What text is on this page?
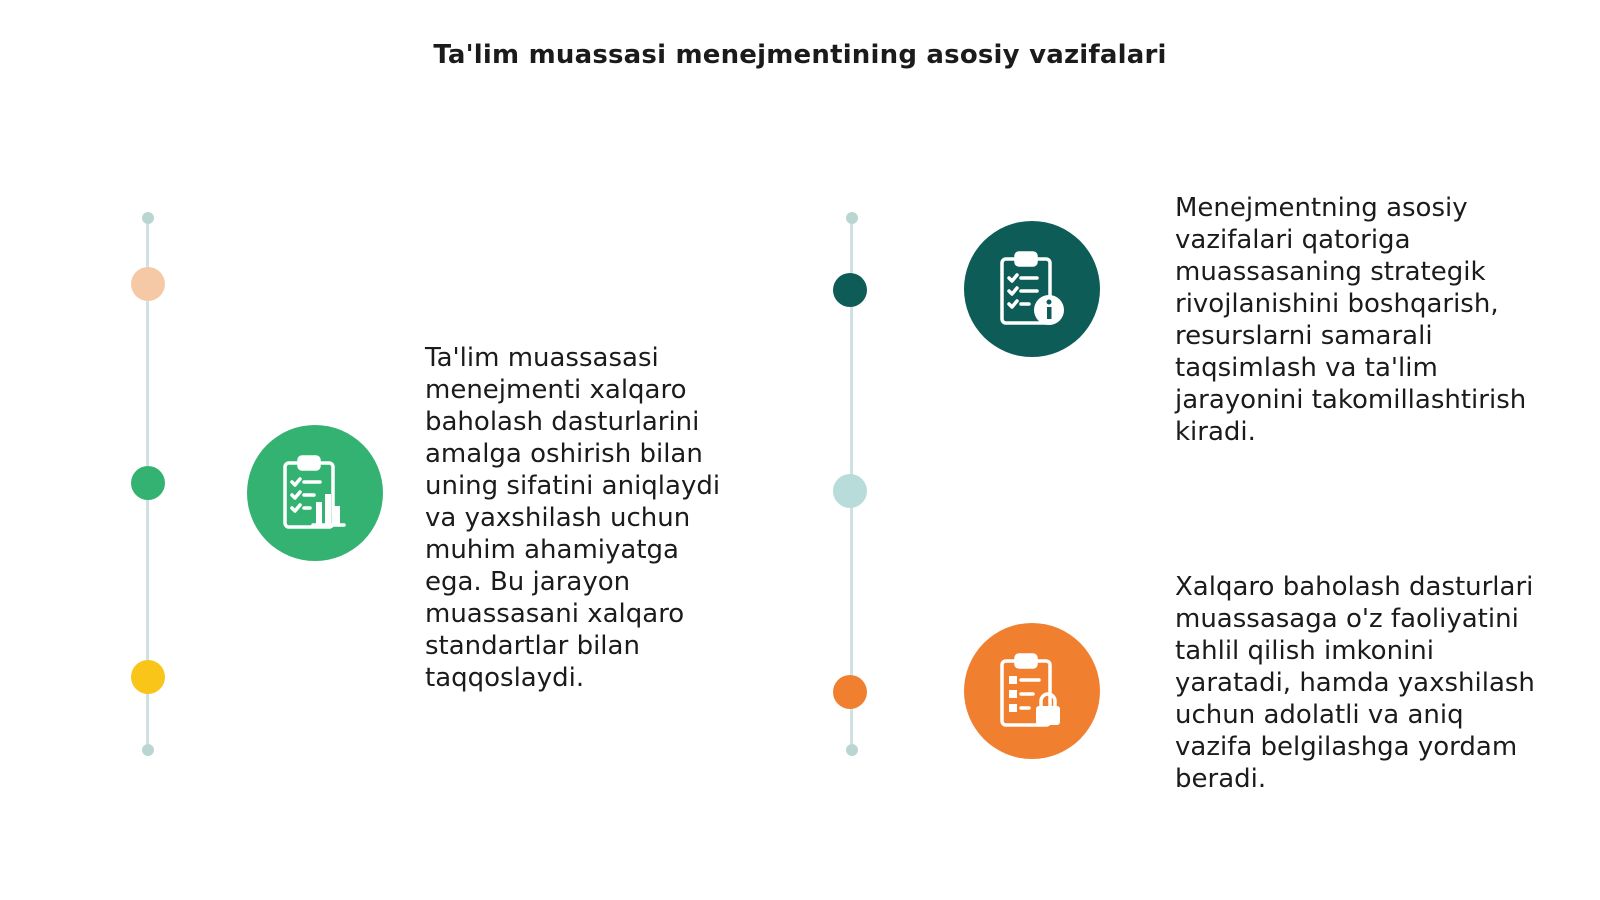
Ta'lim muassasi menejmentining asosiy vazifalari
Ta'lim muassasasi
menejmenti xalqaro
baholash dasturlarini
amalga oshirish bilan
uning sifatini aniqlaydi
va yaxshilash uchun
muhim ahamiyatga
ega. Bu jarayon
muassasani xalqaro
standartlar bilan
taqqoslaydi.
Menejmentning asosiy
vazifalari qatoriga
muassasaning strategik
rivojlanishini boshqarish,
resurslarni samarali
taqsimlash va ta'lim
jarayonini takomillashtirish
kiradi.
Xalqaro baholash dasturlari
muassasaga o'z faoliyatini
tahlil qilish imkonini
yaratadi, hamda yaxshilash
uchun adolatli va aniq
vazifa belgilashga yordam
beradi.
